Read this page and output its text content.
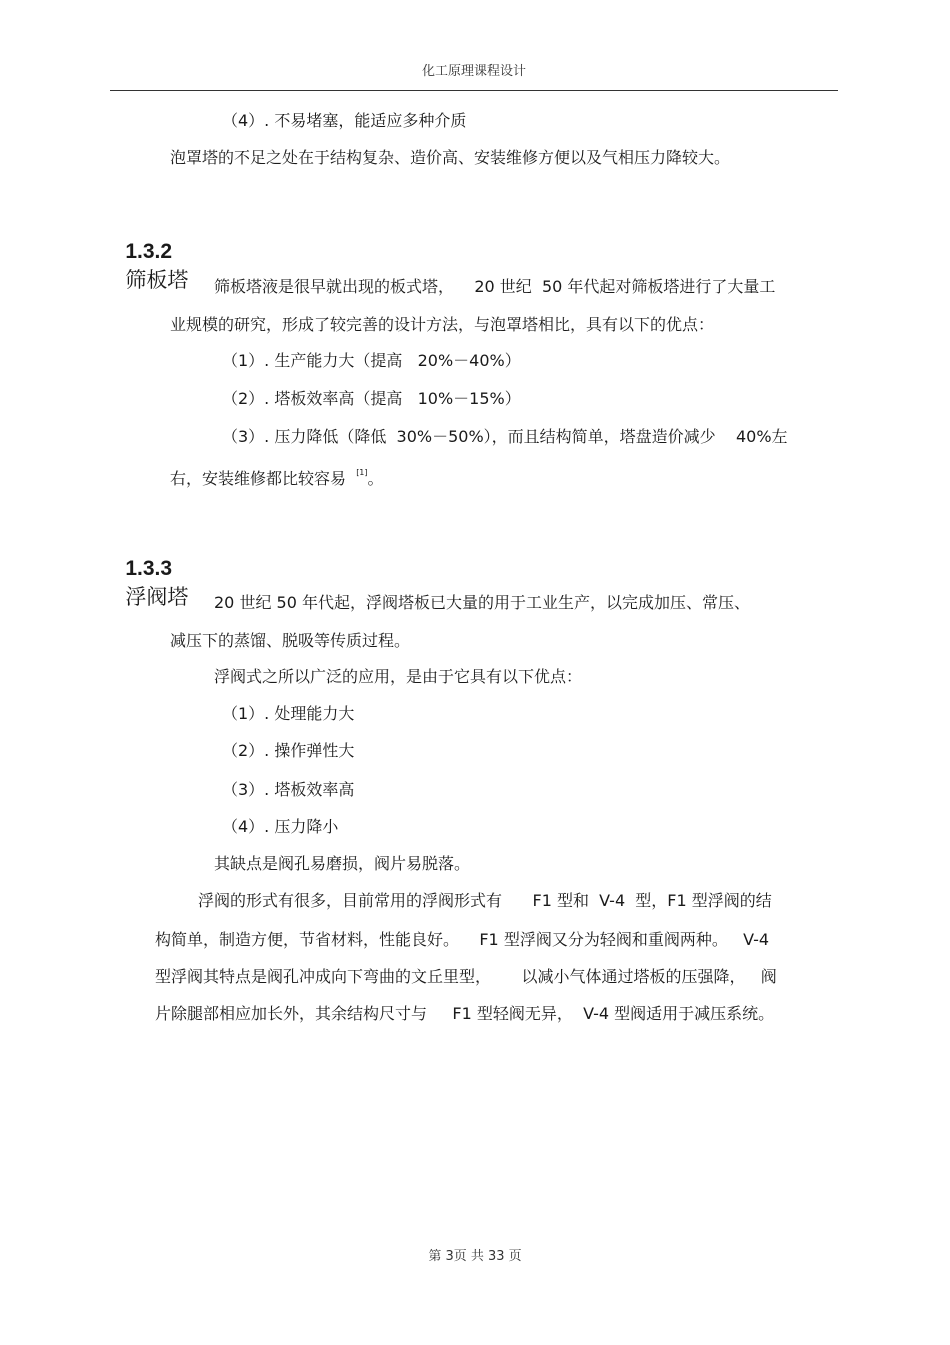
化工原理课程设计
（4）. 不易堵塞，能适应多种介质
泡罩塔的不足之处在于结构复杂、造价高、安装维修方便以及气相压力降较大。

1.3.2
筛板塔 筛板塔液是很早就出现的板式塔，    20 世纪  50 年代起对筛板塔进行了大量工
业规模的研究，形成了较完善的设计方法，与泡罩塔相比，具有以下的优点：
（1）. 生产能力大（提高   20%－40%）
（2）. 塔板效率高（提高   10%－15%）
（3）. 压力降低（降低  30%－50%），而且结构简单，塔盘造价减少    40%左
右，安装维修都比较容易  [1]。

1.3.3
浮阀塔 20 世纪 50 年代起，浮阀塔板已大量的用于工业生产，以完成加压、常压、
减压下的蒸馏、脱吸等传质过程。
浮阀式之所以广泛的应用，是由于它具有以下优点：
（1）. 处理能力大
（2）. 操作弹性大
（3）. 塔板效率高
（4）. 压力降小
其缺点是阀孔易磨损，阀片易脱落。
浮阀的形式有很多，目前常用的浮阀形式有      F1 型和  V-4  型，F1 型浮阀的结
构简单，制造方便，节省材料，性能良好。    F1 型浮阀又分为轻阀和重阀两种。   V-4
型浮阀其特点是阀孔冲成向下弯曲的文丘里型，      以减小气体通过塔板的压强降，   阀
片除腿部相应加长外，其余结构尺寸与     F1 型轻阀无异，  V-4 型阀适用于减压系统。
第 3页 共 33 页
